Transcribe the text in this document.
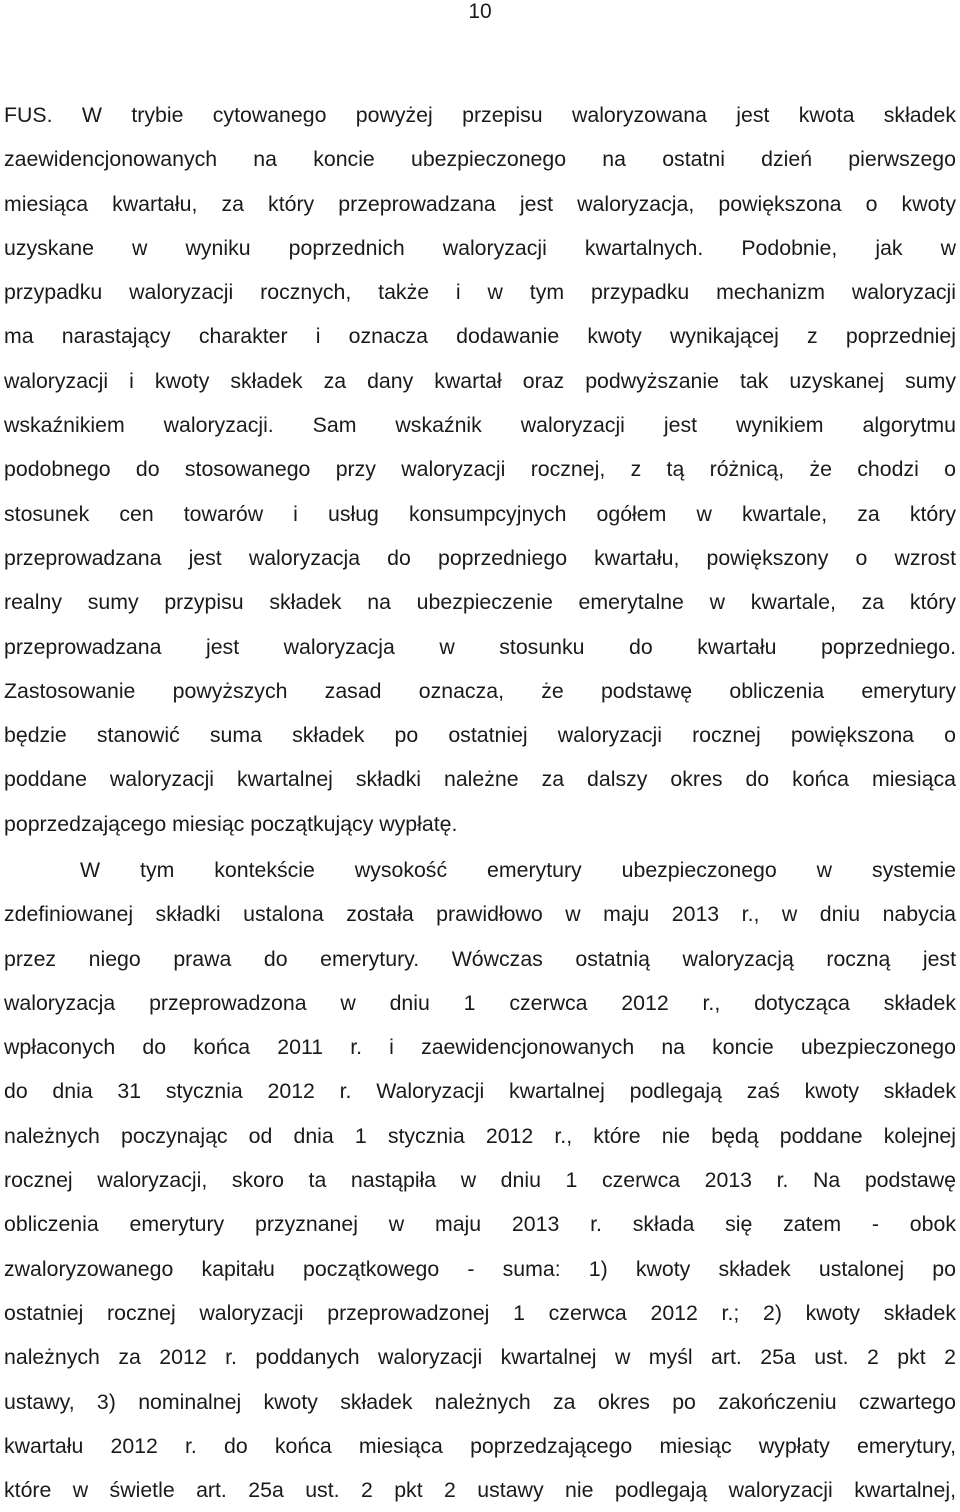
10
FUS. W trybie cytowanego powyżej przepisu waloryzowana jest kwota składek
zaewidencjonowanych na koncie ubezpieczonego na ostatni dzień pierwszego
miesiąca kwartału, za który przeprowadzana jest waloryzacja, powiększona o kwoty
uzyskane w wyniku poprzednich waloryzacji kwartalnych. Podobnie, jak w
przypadku waloryzacji rocznych, także i w tym przypadku mechanizm waloryzacji
ma narastający charakter i oznacza dodawanie kwoty wynikającej z poprzedniej
waloryzacji i kwoty składek za dany kwartał oraz podwyższanie tak uzyskanej sumy
wskaźnikiem waloryzacji. Sam wskaźnik waloryzacji jest wynikiem algorytmu
podobnego do stosowanego przy waloryzacji rocznej, z tą różnicą, że chodzi o
stosunek cen towarów i usług konsumpcyjnych ogółem w kwartale, za który
przeprowadzana jest waloryzacja do poprzedniego kwartału, powiększony o wzrost
realny sumy przypisu składek na ubezpieczenie emerytalne w kwartale, za który
przeprowadzana jest waloryzacja w stosunku do kwartału poprzedniego.
Zastosowanie powyższych zasad oznacza, że podstawę obliczenia emerytury
będzie stanowić suma składek po ostatniej waloryzacji rocznej powiększona o
poddane waloryzacji kwartalnej składki należne za dalszy okres do końca miesiąca
poprzedzającego miesiąc początkujący wypłatę.
W tym kontekście wysokość emerytury ubezpieczonego w systemie
zdefiniowanej składki ustalona została prawidłowo w maju 2013 r., w dniu nabycia
przez niego prawa do emerytury. Wówczas ostatnią waloryzacją roczną jest
waloryzacja przeprowadzona w dniu 1 czerwca 2012 r., dotycząca składek
wpłaconych do końca 2011 r. i zaewidencjonowanych na koncie ubezpieczonego
do dnia 31 stycznia 2012 r. Waloryzacji kwartalnej podlegają zaś kwoty składek
należnych poczynając od dnia 1 stycznia 2012 r., które nie będą poddane kolejnej
rocznej waloryzacji, skoro ta nastąpiła w dniu 1 czerwca 2013 r. Na podstawę
obliczenia emerytury przyznanej w maju 2013 r. składa się zatem - obok
zwaloryzowanego kapitału początkowego - suma: 1) kwoty składek ustalonej po
ostatniej rocznej waloryzacji przeprowadzonej 1 czerwca 2012 r.; 2) kwoty składek
należnych za 2012 r. poddanych waloryzacji kwartalnej w myśl art. 25a ust. 2 pkt 2
ustawy, 3) nominalnej kwoty składek należnych za okres po zakończeniu czwartego
kwartału 2012 r. do końca miesiąca poprzedzającego miesiąc wypłaty emerytury,
które w świetle art. 25a ust. 2 pkt 2 ustawy nie podlegają waloryzacji kwartalnej,
